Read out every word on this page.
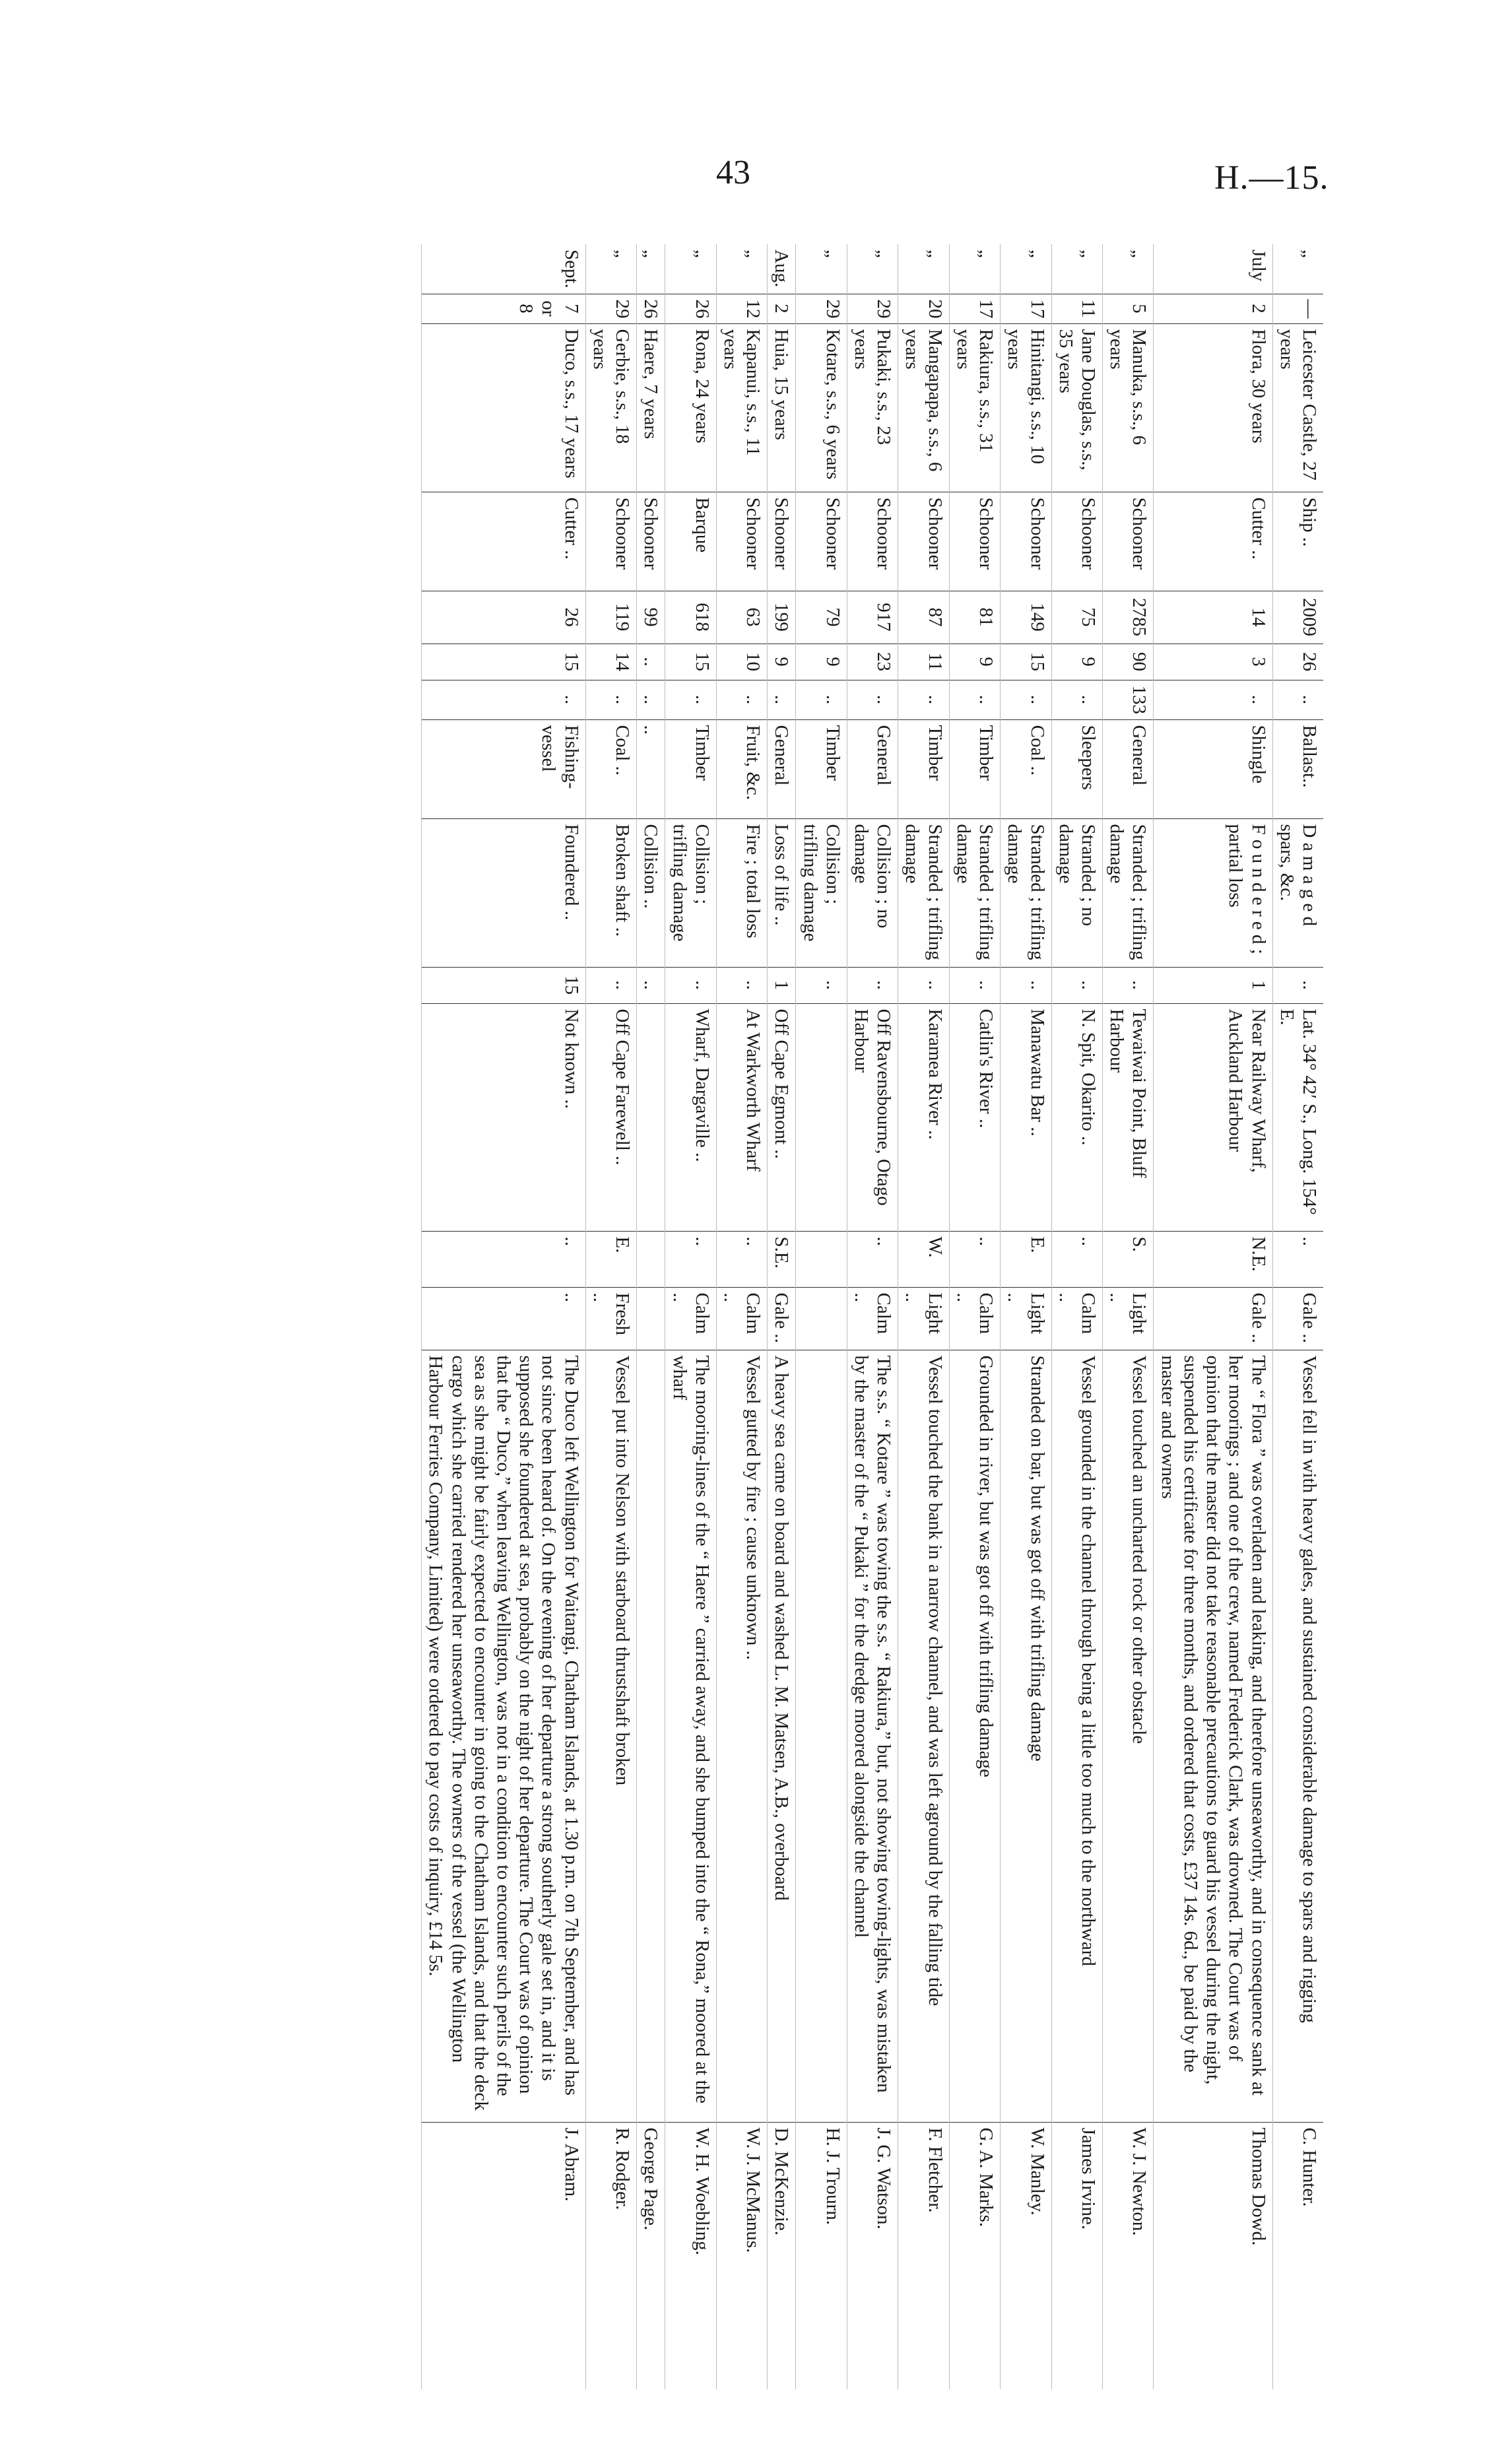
43	H.—15.
„	—	Leicester Castle, 27 years	Ship ..	2009	26	..	Ballast..	D a m a g e d spars, &c.	..	Lat. 34° 42′ S., Long. 154° E.	..	Gale ..	Vessel fell in with heavy gales, and sustained considerable damage to spars and rigging	C. Hunter.
July	2	Flora, 30 years	Cutter ..	14	3	..	Shingle	F o u n d e r e d ; partial loss	1	Near Railway Wharf, Auckland Harbour	N.E.	Gale ..	The “ Flora ” was overladen and leaking, and therefore unseaworthy, and in consequence sank at her moorings ; and one of the crew, named Frederick Clark, was drowned. The Court was of opinion that the master did not take reasonable precautions to guard his vessel during the night, suspended his certificate for three months, and ordered that costs, £37 14s. 6d., be paid by the master and owners	Thomas Dowd.
„	5	Manuka, s.s., 6 years	Schooner	2785	90	133	General	Stranded ; trifling damage	..	Tewaiwai Point, Bluff Harbour	S.	Light ..	Vessel touched an uncharted rock or other obstacle	W. J. Newton.
„	11	Jane Douglas, s.s., 35 years	Schooner	75	9	..	Sleepers	Stranded ; no damage	..	N. Spit, Okarito ..	..	Calm ..	Vessel grounded in the channel through being a little too much to the northward	James Irvine.
„	17	Hinitangi, s.s., 10 years	Schooner	149	15	..	Coal ..	Stranded ; trifling damage	..	Manawatu Bar ..	E.	Light ..	Stranded on bar, but was got off with trifling damage	W. Manley.
„	17	Rakiura, s.s., 31 years	Schooner	81	9	..	Timber	Stranded ; trifling damage	..	Catlin's River ..	..	Calm ..	Grounded in river, but was got off with trifling damage	G. A. Marks.
„	20	Mangapapa, s.s., 6 years	Schooner	87	11	..	Timber	Stranded ; trifling damage	..	Karamea River ..	W.	Light ..	Vessel touched the bank in a narrow channel, and was left aground by the falling tide	F. Fletcher.
„	29	Pukaki, s.s., 23 years	Schooner	917	23	..	General	Collision ; no damage	..	Off Ravensbourne, Otago Harbour	..	Calm ..	The s.s. “ Kotare ” was towing the s.s. “ Rakiura,” but, not showing towing-lights, was mistaken by the master of the “ Pukaki ” for the dredge moored alongside the channel	J. G. Watson.
„	29	Kotare, s.s., 6 years	Schooner	79	9	..	Timber	Collision ; trifling damage	..					H. J. Trourn.
Aug.	2	Huia, 15 years	Schooner	199	9	..	General	Loss of life ..	1	Off Cape Egmont ..	S.E.	Gale ..	A heavy sea came on board and washed L. M. Matsen, A.B., overboard	D. McKenzie.
„	12	Kapanui, s.s., 11 years	Schooner	63	10	..	Fruit, &c.	Fire ; total loss	..	At Warkworth Wharf	..	Calm ..	Vessel gutted by fire ; cause unknown ..	W. J. McManus.
„	26	Rona, 24 years	Barque	618	15	..	Timber	Collision ; trifling damage	..	Wharf, Dargaville ..	..	Calm ..	The mooring-lines of the “ Haere ” carried away, and she bumped into the “ Rona,” moored at the wharf	W. H. Woebling.
„	26	Haere, 7 years	Schooner	99	..	..	..	Collision ..	..					George Page.
„	29	Gerbie, s.s., 18 years	Schooner	119	14	..	Coal ..	Broken shaft ..	..	Off Cape Farewell ..	E.	Fresh ..	Vessel put into Nelson with starboard thrustshaft broken	R. Rodger.
Sept.	7 or 8	Duco, s.s., 17 years	Cutter ..	26	15	..	Fishing-vessel	Foundered ..	15	Not known ..	..	..	The Duco left Wellington for Waitangi, Chatham Islands, at 1.30 p.m. on 7th September, and has not since been heard of. On the evening of her departure a strong southerly gale set in, and it is supposed she foundered at sea, probably on the night of her departure. The Court was of opinion that the “ Duco,” when leaving Wellington, was not in a condition to encounter such perils of the sea as she might be fairly expected to encounter in going to the Chatham Islands, and that the deck cargo which she carried rendered her unseaworthy. The owners of the vessel (the Wellington Harbour Ferries Company, Limited) were ordered to pay costs of inquiry, £14 5s.	J. Abram.
